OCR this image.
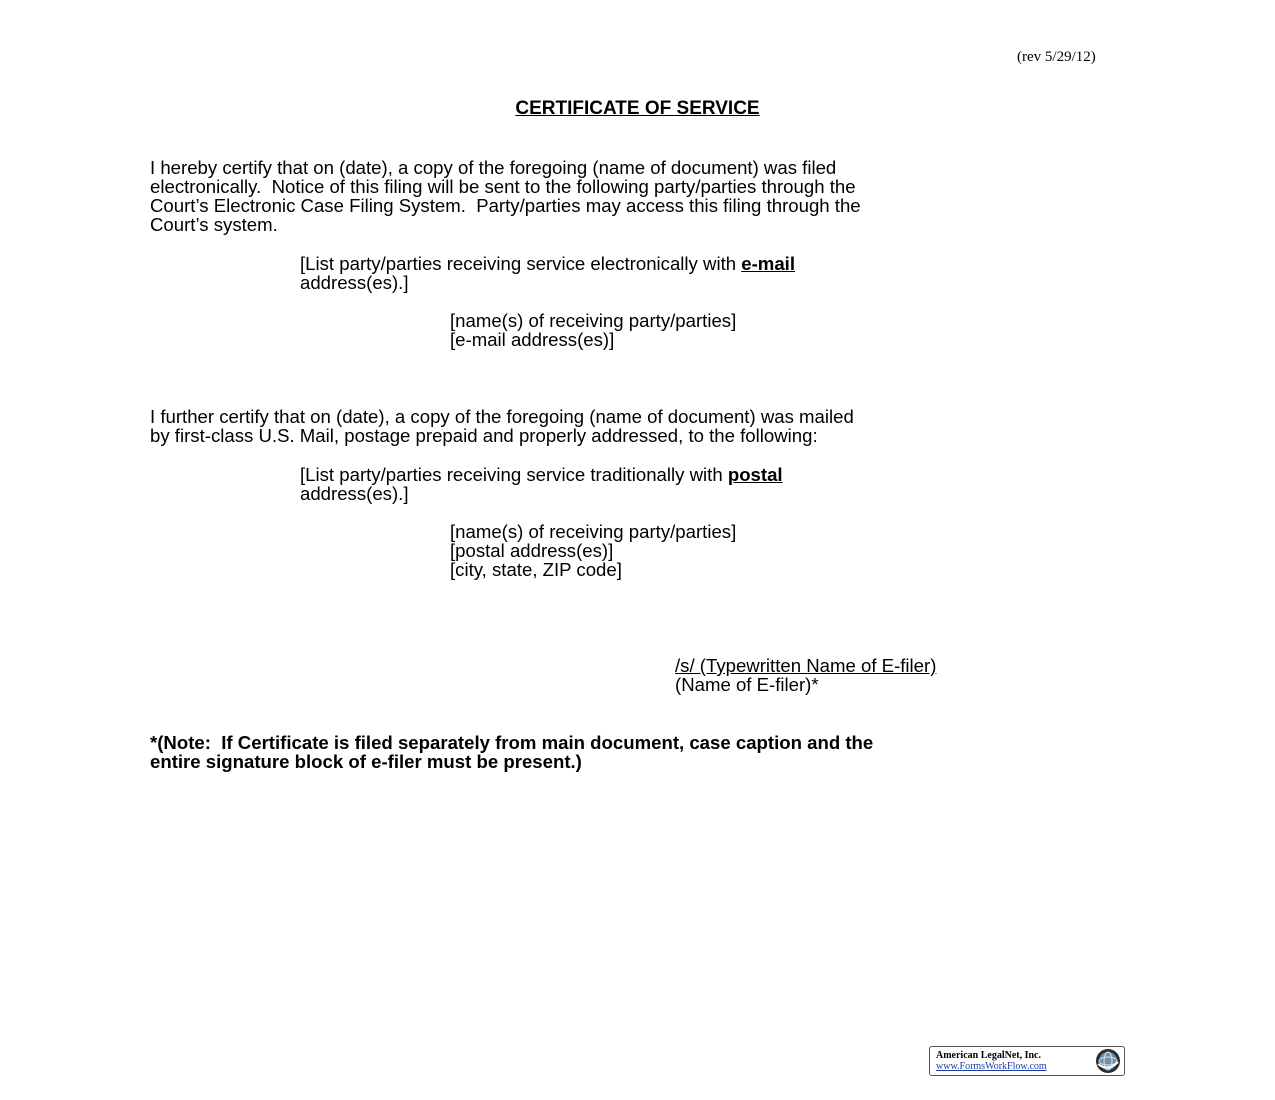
(rev 5/29/12)
CERTIFICATE OF SERVICE

I hereby certify that on (date), a copy of the foregoing (name of document) was filed
electronically.  Notice of this filing will be sent to the following party/parties through the
Court’s Electronic Case Filing System.  Party/parties may access this filing through the
Court’s system.

[List party/parties receiving service electronically with e-mail
address(es).]

[name(s) of receiving party/parties]
[e-mail address(es)]

I further certify that on (date), a copy of the foregoing (name of document) was mailed
by first-class U.S. Mail, postage prepaid and properly addressed, to the following:

[List party/parties receiving service traditionally with postal
address(es).]

[name(s) of receiving party/parties]
[postal address(es)]
[city, state, ZIP code]

/s/ (Typewritten Name of E-filer)
(Name of E-filer)*

*(Note:  If Certificate is filed separately from main document, case caption and the
entire signature block of e-filer must be present.)

American LegalNet, Inc.
www.FormsWorkFlow.com
